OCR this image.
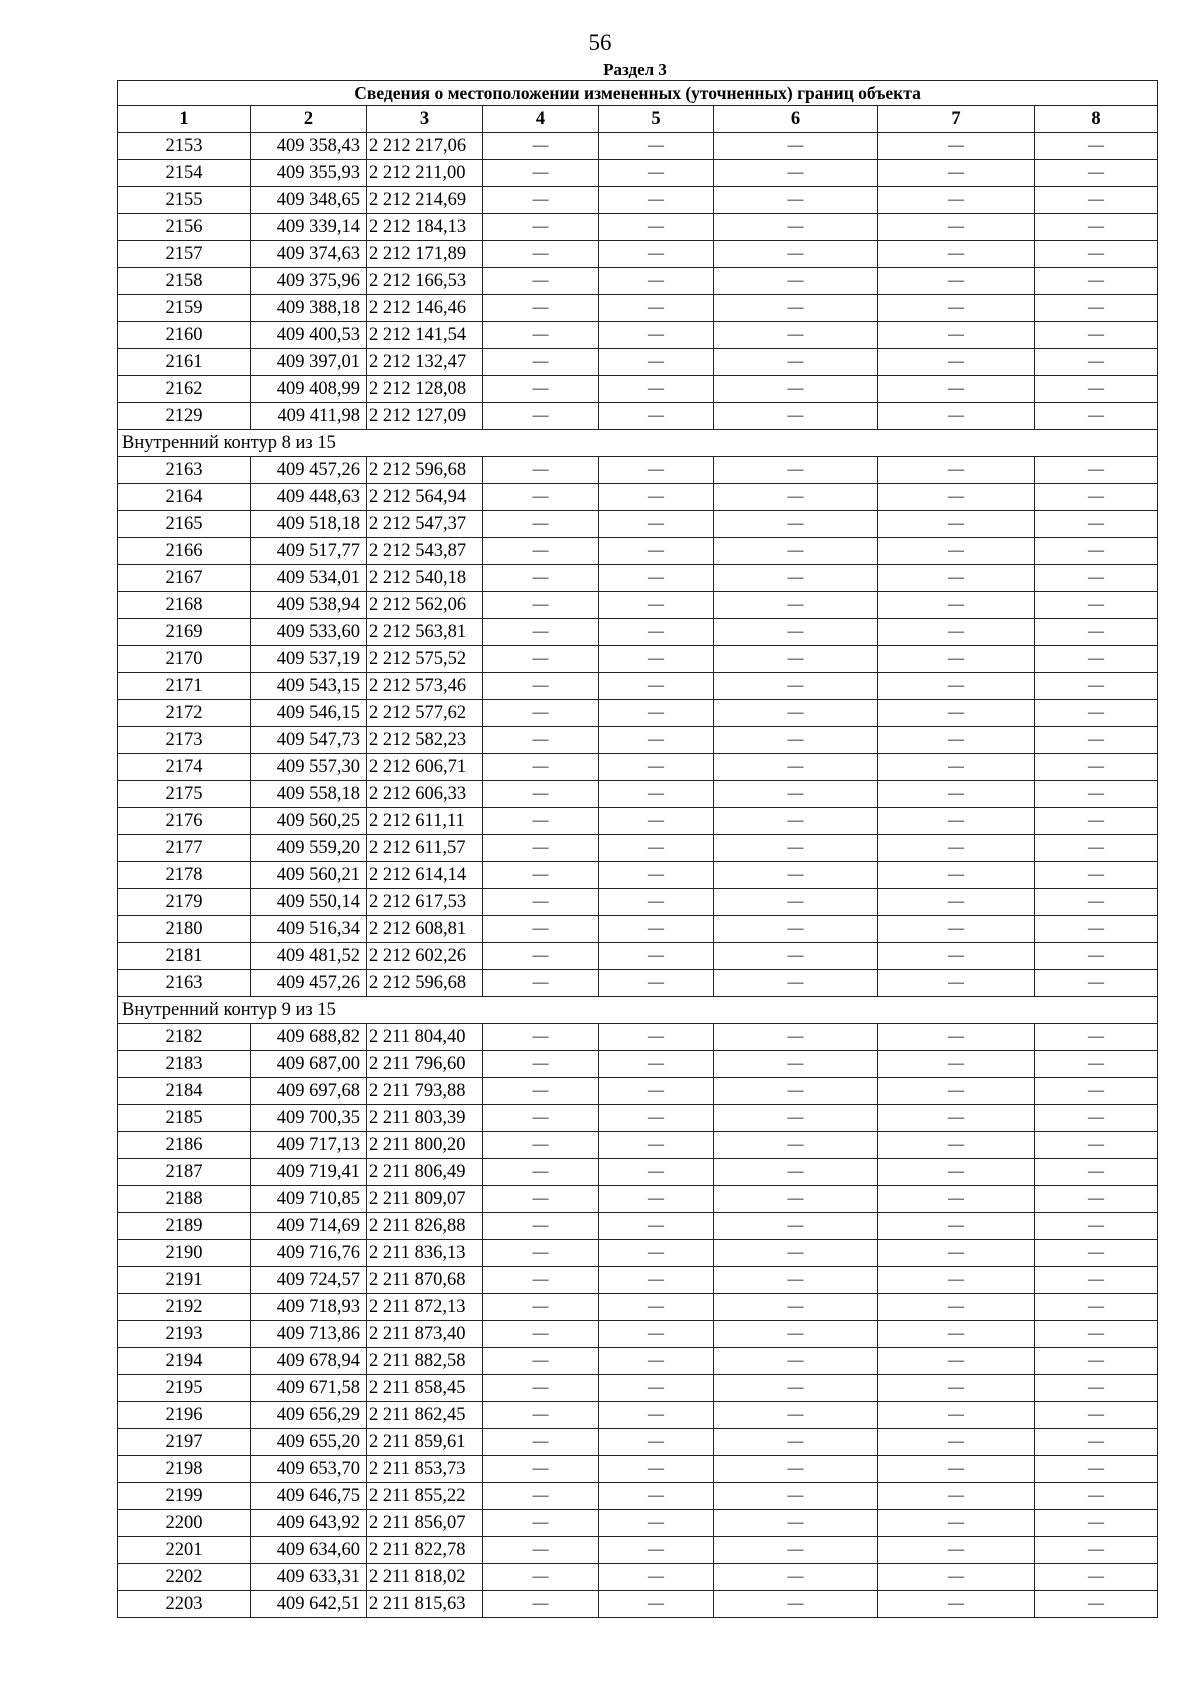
56
Раздел 3
Сведения о местоположении измененных (уточненных) границ объекта							
1	2	3	4	5	6	7	8
2153	409 358,43	2 212 217,06	—	—	—	—	—
2154	409 355,93	2 212 211,00	—	—	—	—	—
2155	409 348,65	2 212 214,69	—	—	—	—	—
2156	409 339,14	2 212 184,13	—	—	—	—	—
2157	409 374,63	2 212 171,89	—	—	—	—	—
2158	409 375,96	2 212 166,53	—	—	—	—	—
2159	409 388,18	2 212 146,46	—	—	—	—	—
2160	409 400,53	2 212 141,54	—	—	—	—	—
2161	409 397,01	2 212 132,47	—	—	—	—	—
2162	409 408,99	2 212 128,08	—	—	—	—	—
2129	409 411,98	2 212 127,09	—	—	—	—	—
Внутренний контур 8 из 15							
2163	409 457,26	2 212 596,68	—	—	—	—	—
2164	409 448,63	2 212 564,94	—	—	—	—	—
2165	409 518,18	2 212 547,37	—	—	—	—	—
2166	409 517,77	2 212 543,87	—	—	—	—	—
2167	409 534,01	2 212 540,18	—	—	—	—	—
2168	409 538,94	2 212 562,06	—	—	—	—	—
2169	409 533,60	2 212 563,81	—	—	—	—	—
2170	409 537,19	2 212 575,52	—	—	—	—	—
2171	409 543,15	2 212 573,46	—	—	—	—	—
2172	409 546,15	2 212 577,62	—	—	—	—	—
2173	409 547,73	2 212 582,23	—	—	—	—	—
2174	409 557,30	2 212 606,71	—	—	—	—	—
2175	409 558,18	2 212 606,33	—	—	—	—	—
2176	409 560,25	2 212 611,11	—	—	—	—	—
2177	409 559,20	2 212 611,57	—	—	—	—	—
2178	409 560,21	2 212 614,14	—	—	—	—	—
2179	409 550,14	2 212 617,53	—	—	—	—	—
2180	409 516,34	2 212 608,81	—	—	—	—	—
2181	409 481,52	2 212 602,26	—	—	—	—	—
2163	409 457,26	2 212 596,68	—	—	—	—	—
Внутренний контур 9 из 15							
2182	409 688,82	2 211 804,40	—	—	—	—	—
2183	409 687,00	2 211 796,60	—	—	—	—	—
2184	409 697,68	2 211 793,88	—	—	—	—	—
2185	409 700,35	2 211 803,39	—	—	—	—	—
2186	409 717,13	2 211 800,20	—	—	—	—	—
2187	409 719,41	2 211 806,49	—	—	—	—	—
2188	409 710,85	2 211 809,07	—	—	—	—	—
2189	409 714,69	2 211 826,88	—	—	—	—	—
2190	409 716,76	2 211 836,13	—	—	—	—	—
2191	409 724,57	2 211 870,68	—	—	—	—	—
2192	409 718,93	2 211 872,13	—	—	—	—	—
2193	409 713,86	2 211 873,40	—	—	—	—	—
2194	409 678,94	2 211 882,58	—	—	—	—	—
2195	409 671,58	2 211 858,45	—	—	—	—	—
2196	409 656,29	2 211 862,45	—	—	—	—	—
2197	409 655,20	2 211 859,61	—	—	—	—	—
2198	409 653,70	2 211 853,73	—	—	—	—	—
2199	409 646,75	2 211 855,22	—	—	—	—	—
2200	409 643,92	2 211 856,07	—	—	—	—	—
2201	409 634,60	2 211 822,78	—	—	—	—	—
2202	409 633,31	2 211 818,02	—	—	—	—	—
2203	409 642,51	2 211 815,63	—	—	—	—	—
